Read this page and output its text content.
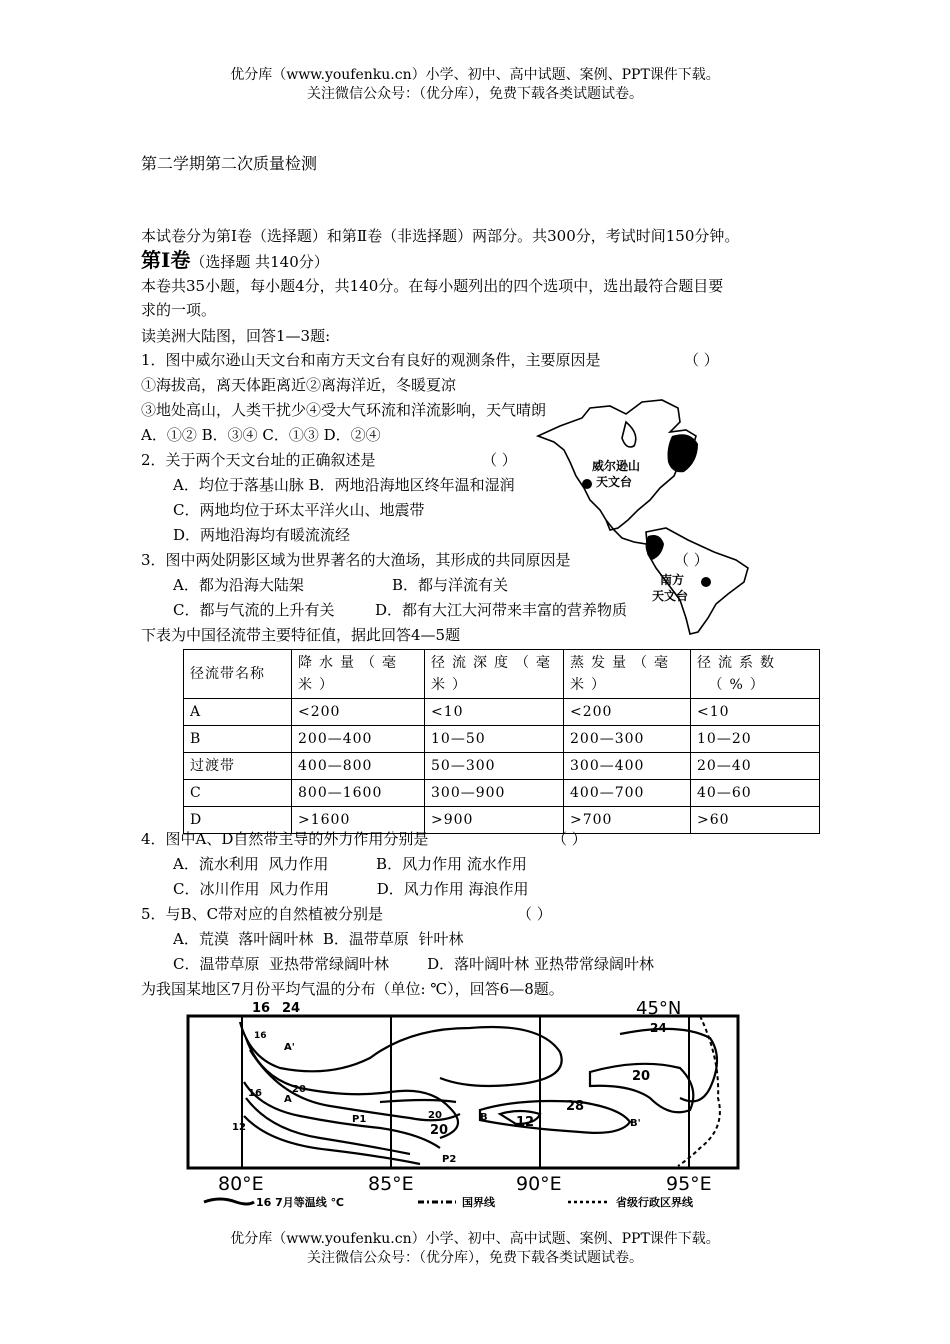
优分库（www.youfenku.cn）小学、初中、高中试题、案例、PPT课件下载。
关注微信公众号：（优分库），免费下载各类试题试卷。
第二学期第二次质量检测
本试卷分为第Ⅰ卷（选择题）和第Ⅱ卷（非选择题）两部分。共300分，考试时间150分钟。
第Ⅰ卷（选择题 共140分）
本卷共35小题，每小题4分，共140分。在每小题列出的四个选项中，选出最符合题目要
求的一项。
读美洲大陆图，回答1—3题:
1．图中威尔逊山天文台和南方天文台有良好的观测条件，主要原因是	（ ）
①海拔高，离天体距离近②离海洋近，冬暖夏凉
③地处高山，人类干扰少④受大气环流和洋流影响，天气晴朗
A．①② B．③④ C．①③ D．②④
2．关于两个天文台址的正确叙述是	（ ）
A．均位于落基山脉 B．两地沿海地区终年温和湿润
C．两地均位于环太平洋火山、地震带
D．两地沿海均有暖流流经
3．图中两处阴影区域为世界著名的大渔场，其形成的共同原因是	（ ）
A．都为沿海大陆架	B．都与洋流有关
C．都与气流的上升有关	D．都有大江大河带来丰富的营养物质
威尔逊山
天文台
南方
天文台
下表为中国径流带主要特征值，据此回答4—5题
径流带名称	降水量（毫
米）	径流深度（毫
米）	蒸发量（毫
米）	径流系数
（%）
A	<200	<10	<200	<10
B	200—400	10—50	200—300	10—20
过渡带	400—800	50—300	300—400	20—40
C	800—1600	300—900	400—700	40—60
D	>1600	>900	>700	>60
4．图中A、D自然带主导的外力作用分别是	（ ）
A．流水利用  风力作用          B．风力作用 流水作用
C．冰川作用  风力作用          D．风力作用 海浪作用
5．与B、C带对应的自然植被分别是	（ ）
A．荒漠  落叶阔叶林  B．温带草原  针叶林
C．温带草原  亚热带常绿阔叶林        D．落叶阔叶林 亚热带常绿阔叶林
为我国某地区7月份平均气温的分布（单位: ℃），回答6—8题。
16 24	45°N
16
20
16
12	20
12
28
20
24
20
A'
A
P1	B
P2
B'
80°E	85°E	90°E	95°E
16 7月等温线 ℃	国界线	省级行政区界线
优分库（www.youfenku.cn）小学、初中、高中试题、案例、PPT课件下载。
关注微信公众号：（优分库），免费下载各类试题试卷。
